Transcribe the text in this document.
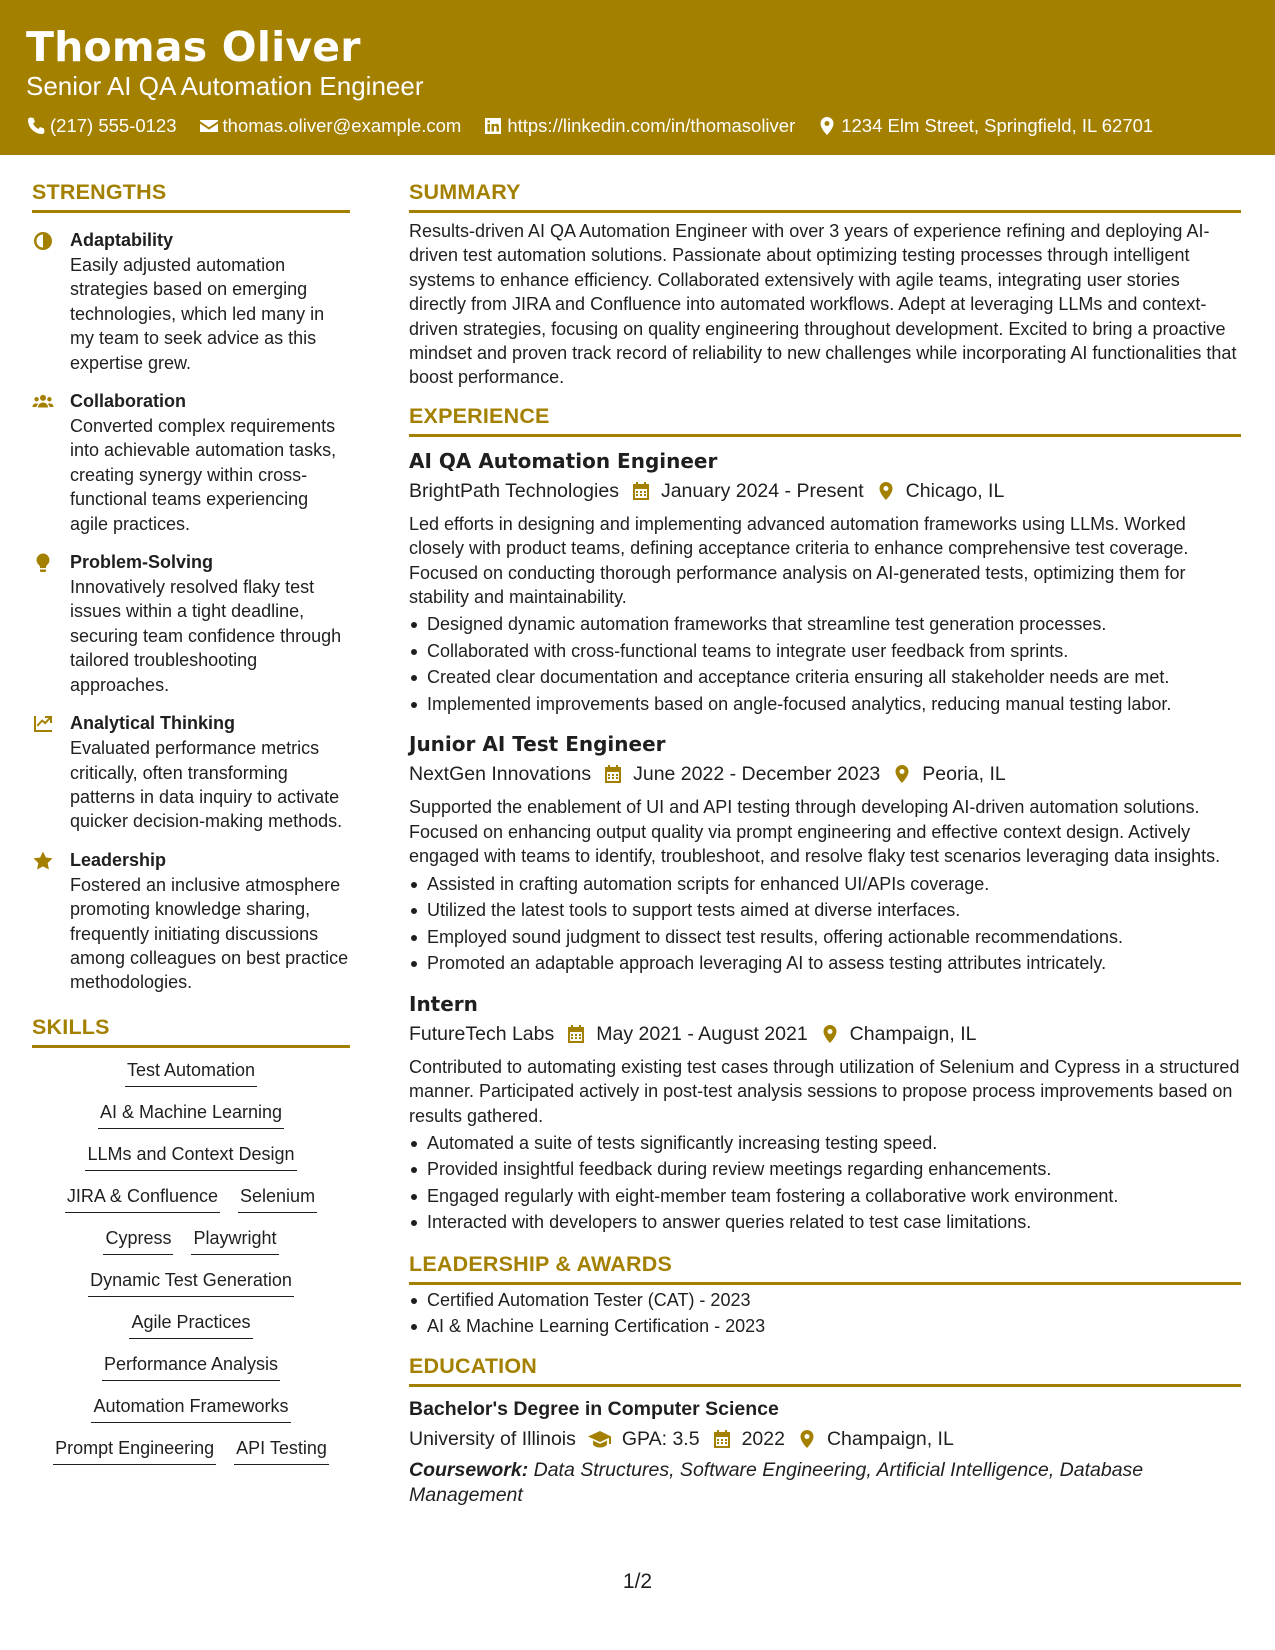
Thomas Oliver
Senior AI QA Automation Engineer
(217) 555-0123 thomas.oliver@example.com https://linkedin.com/in/thomasoliver 1234 Elm Street, Springfield, IL 62701
STRENGTHS
Adaptability
Easily adjusted automation strategies based on emerging technologies, which led many in my team to seek advice as this expertise grew.
Collaboration
Converted complex requirements into achievable automation tasks, creating synergy within cross-functional teams experiencing agile practices.
Problem-Solving
Innovatively resolved flaky test issues within a tight deadline, securing team confidence through tailored troubleshooting approaches.
Analytical Thinking
Evaluated performance metrics critically, often transforming patterns in data inquiry to activate quicker decision-making methods.
Leadership
Fostered an inclusive atmosphere promoting knowledge sharing, frequently initiating discussions among colleagues on best practice methodologies.
SKILLS
Test Automation
AI & Machine Learning
LLMs and Context Design
JIRA & Confluence Selenium
Cypress Playwright
Dynamic Test Generation
Agile Practices
Performance Analysis
Automation Frameworks
Prompt Engineering API Testing
SUMMARY

Results-driven AI QA Automation Engineer with over 3 years of experience refining and deploying AI-driven test automation solutions. Passionate about optimizing testing processes through intelligent systems to enhance efficiency. Collaborated extensively with agile teams, integrating user stories directly from JIRA and Confluence into automated workflows. Adept at leveraging LLMs and context-driven strategies, focusing on quality engineering throughout development. Excited to bring a proactive mindset and proven track record of reliability to new challenges while incorporating AI functionalities that boost performance.

EXPERIENCE
AI QA Automation Engineer
BrightPath Technologies January 2024 - Present Chicago, IL

Led efforts in designing and implementing advanced automation frameworks using LLMs. Worked closely with product teams, defining acceptance criteria to enhance comprehensive test coverage. Focused on conducting thorough performance analysis on AI-generated tests, optimizing them for stability and maintainability.

Designed dynamic automation frameworks that streamline test generation processes.
Collaborated with cross-functional teams to integrate user feedback from sprints.
Created clear documentation and acceptance criteria ensuring all stakeholder needs are met.
Implemented improvements based on angle-focused analytics, reducing manual testing labor.
Junior AI Test Engineer
NextGen Innovations June 2022 - December 2023 Peoria, IL

Supported the enablement of UI and API testing through developing AI-driven automation solutions. Focused on enhancing output quality via prompt engineering and effective context design. Actively engaged with teams to identify, troubleshoot, and resolve flaky test scenarios leveraging data insights.

Assisted in crafting automation scripts for enhanced UI/APIs coverage.
Utilized the latest tools to support tests aimed at diverse interfaces.
Employed sound judgment to dissect test results, offering actionable recommendations.
Promoted an adaptable approach leveraging AI to assess testing attributes intricately.
Intern
FutureTech Labs May 2021 - August 2021 Champaign, IL

Contributed to automating existing test cases through utilization of Selenium and Cypress in a structured manner. Participated actively in post-test analysis sessions to propose process improvements based on results gathered.

Automated a suite of tests significantly increasing testing speed.
Provided insightful feedback during review meetings regarding enhancements.
Engaged regularly with eight-member team fostering a collaborative work environment.
Interacted with developers to answer queries related to test case limitations.
LEADERSHIP & AWARDS
Certified Automation Tester (CAT) - 2023
AI & Machine Learning Certification - 2023
EDUCATION
Bachelor's Degree in Computer Science
University of Illinois GPA: 3.5 2022 Champaign, IL

Coursework: Data Structures, Software Engineering, Artificial Intelligence, Database Management

1/2
